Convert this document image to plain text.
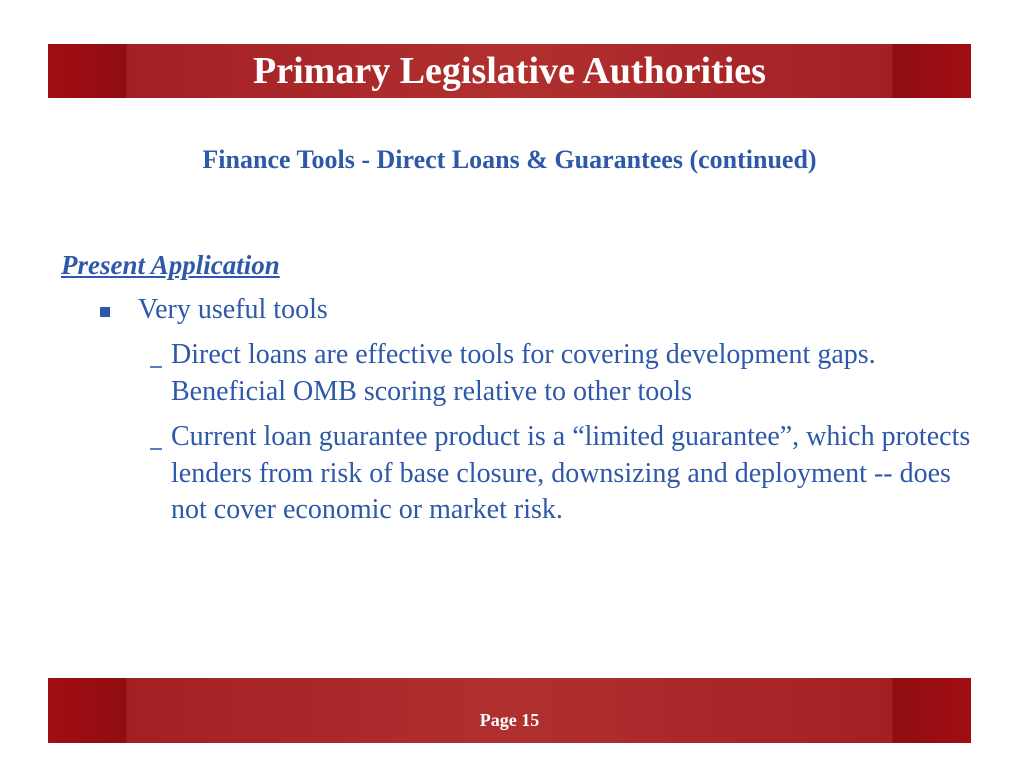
Primary Legislative Authorities
Finance Tools - Direct Loans & Guarantees (continued)
Present Application
Very useful tools
Direct loans are effective tools for covering development gaps. Beneficial OMB scoring relative to other tools
Current loan guarantee product is a “limited guarantee”, which protects lenders from risk of base closure, downsizing and deployment -- does not cover economic or market risk.
Page 15
